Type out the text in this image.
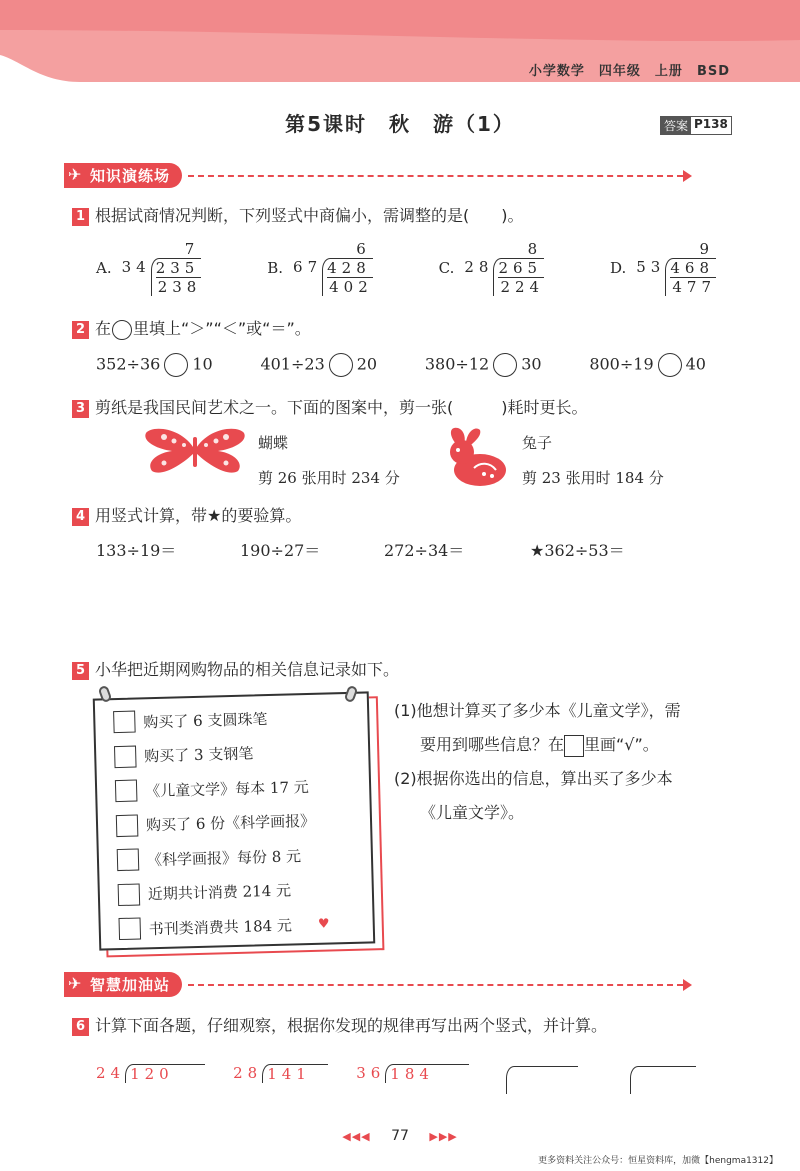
小学数学 四年级 上册 BSD
第5课时　秋　游（1）	答案 P138
✈ 知识演练场
1 根据试商情况判断，下列竖式中商偏小，需调整的是(　　)。
A.
7
34 235
238
B.
6
67 428
402
C.
8
28 265
224
D.
9
53 468
477
2 在 里填上“＞”“＜”或“＝”。
352÷36 10	401÷23 20	380÷12 30	800÷19 40
3 剪纸是我国民间艺术之一。下面的图案中，剪一张(　　　)耗时更长。
蝴蝶
剪 26 张用时 234 分
兔子
剪 23 张用时 184 分
4 用竖式计算，带★的要验算。
133÷19＝	190÷27＝	272÷34＝	★362÷53＝
5 小华把近期网购物品的相关信息记录如下。
购买了 6 支圆珠笔
购买了 3 支钢笔
《儿童文学》每本 17 元
购买了 6 份《科学画报》
《科学画报》每份 8 元
近期共计消费 214 元
书刊类消费共 184 元 ♥
(1)他想计算买了多少本《儿童文学》，需
要用到哪些信息？在 里画“√”。
(2)根据你选出的信息，算出买了多少本
《儿童文学》。
✈ 智慧加油站
6 计算下面各题，仔细观察，根据你发现的规律再写出两个竖式，并计算。
24 120	28 141	36 184
◀◀◀ 77 ▶▶▶
更多资料关注公众号：恒星资料库，加微【hengma1312】
